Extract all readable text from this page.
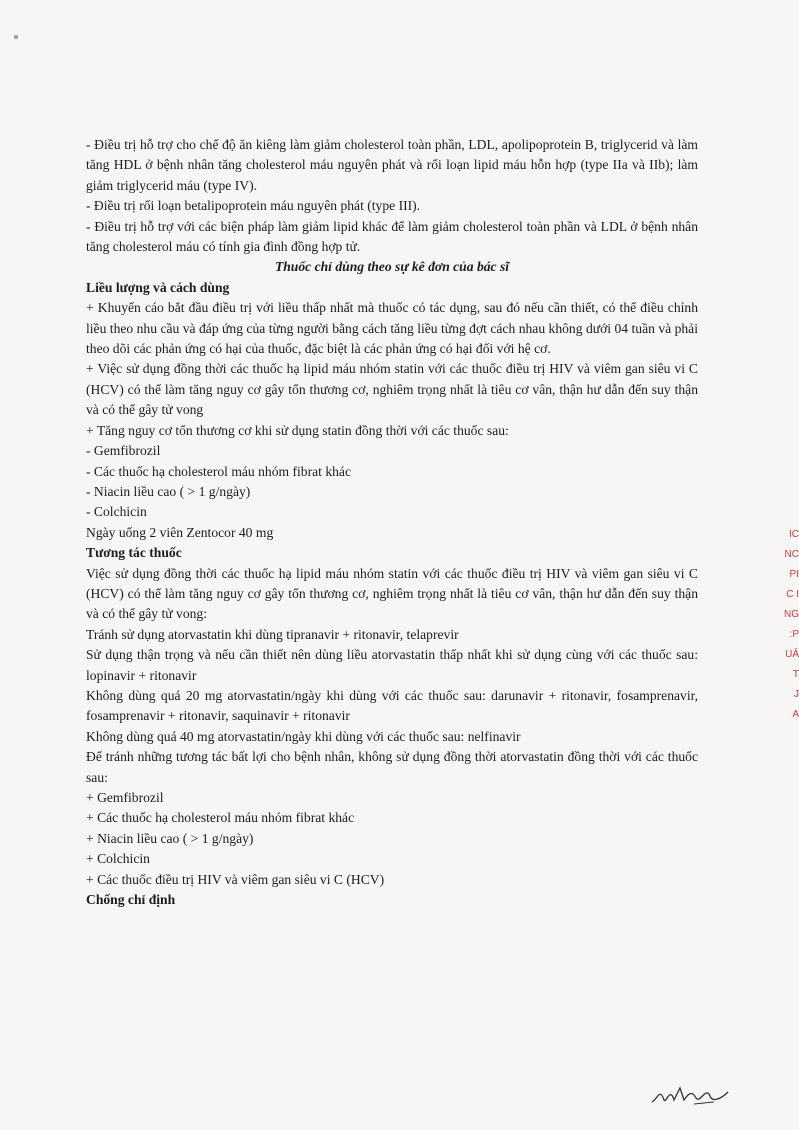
- Điều trị hỗ trợ cho chế độ ăn kiêng làm giảm cholesterol toàn phần, LDL, apolipoprotein B, triglycerid và làm tăng HDL ở bệnh nhân tăng cholesterol máu nguyên phát và rối loạn lipid máu hỗn hợp (type IIa và IIb); làm giảm triglycerid máu (type IV).

- Điều trị rối loạn betalipoprotein máu nguyên phát (type III).

- Điều trị hỗ trợ với các biện pháp làm giảm lipid khác để làm giảm cholesterol toàn phần và LDL ở bệnh nhân tăng cholesterol máu có tính gia đình đồng hợp tử.

Thuốc chỉ dùng theo sự kê đơn của bác sĩ

Liều lượng và cách dùng

+ Khuyến cáo bắt đầu điều trị với liều thấp nhất mà thuốc có tác dụng, sau đó nếu cần thiết, có thể điều chỉnh liều theo nhu cầu và đáp ứng của từng người bằng cách tăng liều từng đợt cách nhau không dưới 04 tuần và phải theo dõi các phản ứng có hại của thuốc, đặc biệt là các phản ứng có hại đối với hệ cơ.

+ Việc sử dụng đồng thời các thuốc hạ lipid máu nhóm statin với các thuốc điều trị HIV và viêm gan siêu vi C (HCV) có thể làm tăng nguy cơ gây tổn thương cơ, nghiêm trọng nhất là tiêu cơ vân, thận hư dẫn đến suy thận và có thể gây tử vong

+ Tăng nguy cơ tổn thương cơ khi sử dụng statin đồng thời với các thuốc sau:

- Gemfibrozil

- Các thuốc hạ cholesterol máu nhóm fibrat khác

- Niacin liều cao ( > 1 g/ngày)

- Colchicin

Ngày uống 2 viên Zentocor 40 mg

Tương tác thuốc

Việc sử dụng đồng thời các thuốc hạ lipid máu nhóm statin với các thuốc điều trị HIV và viêm gan siêu vi C (HCV) có thể làm tăng nguy cơ gây tổn thương cơ, nghiêm trọng nhất là tiêu cơ vân, thận hư dẫn đến suy thận và có thể gây tử vong:

Tránh sử dụng atorvastatin khi dùng tipranavir + ritonavir, telaprevir

Sử dụng thận trọng và nếu cần thiết nên dùng liều atorvastatin thấp nhất khi sử dụng cùng với các thuốc sau: lopinavir + ritonavir

Không dùng quá 20 mg atorvastatin/ngày khi dùng với các thuốc sau: darunavir + ritonavir, fosamprenavir, fosamprenavir + ritonavir, saquinavir + ritonavir

Không dùng quá 40 mg atorvastatin/ngày khi dùng với các thuốc sau: nelfinavir

Để tránh những tương tác bất lợi cho bệnh nhân, không sử dụng đồng thời atorvastatin đồng thời với các thuốc sau:

+ Gemfibrozil

+ Các thuốc hạ cholesterol máu nhóm fibrat khác

+ Niacin liều cao ( > 1 g/ngày)

+ Colchicin

+ Các thuốc điều trị HIV và viêm gan siêu vi C (HCV)

Chống chỉ định

IC
NC
PI
C I
NG
:P
UẢ
T
J
A
